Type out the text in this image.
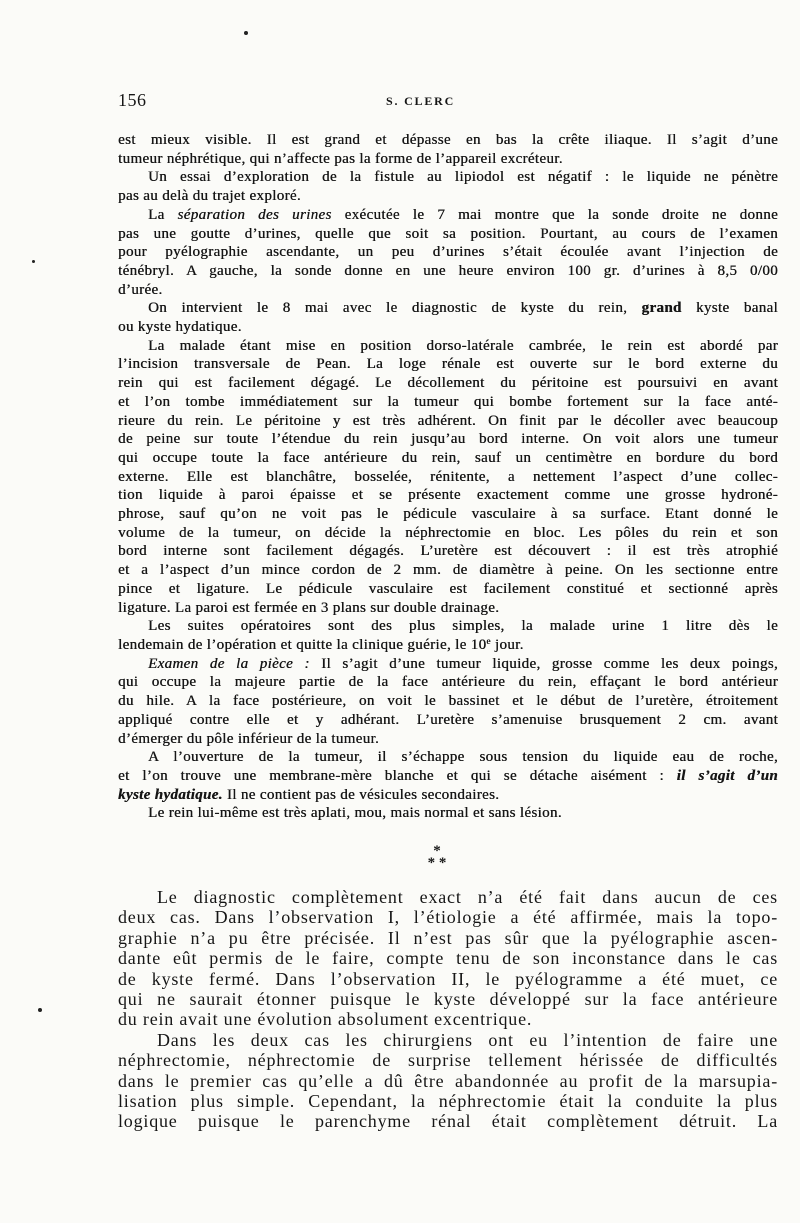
156	S. CLERC
est mieux visible. Il est grand et dépasse en bas la crête iliaque. Il s’agit d’une
tumeur néphrétique, qui n’affecte pas la forme de l’appareil excréteur.
Un essai d’exploration de la fistule au lipiodol est négatif : le liquide ne pénètre
pas au delà du trajet exploré.
La séparation des urines exécutée le 7 mai montre que la sonde droite ne donne
pas une goutte d’urines, quelle que soit sa position. Pourtant, au cours de l’examen
pour pyélographie ascendante, un peu d’urines s’était écoulée avant l’injection de
ténébryl. A gauche, la sonde donne en une heure environ 100 gr. d’urines à 8,5 0/00
d’urée.
On intervient le 8 mai avec le diagnostic de kyste du rein, grand kyste banal
ou kyste hydatique.
La malade étant mise en position dorso-latérale cambrée, le rein est abordé par
l’incision transversale de Pean. La loge rénale est ouverte sur le bord externe du
rein qui est facilement dégagé. Le décollement du péritoine est poursuivi en avant
et l’on tombe immédiatement sur la tumeur qui bombe fortement sur la face anté-
rieure du rein. Le péritoine y est très adhérent. On finit par le décoller avec beaucoup
de peine sur toute l’étendue du rein jusqu’au bord interne. On voit alors une tumeur
qui occupe toute la face antérieure du rein, sauf un centimètre en bordure du bord
externe. Elle est blanchâtre, bosselée, rénitente, a nettement l’aspect d’une collec-
tion liquide à paroi épaisse et se présente exactement comme une grosse hydroné-
phrose, sauf qu’on ne voit pas le pédicule vasculaire à sa surface. Etant donné le
volume de la tumeur, on décide la néphrectomie en bloc. Les pôles du rein et son
bord interne sont facilement dégagés. L’uretère est découvert : il est très atrophié
et a l’aspect d’un mince cordon de 2 mm. de diamètre à peine. On les sectionne entre
pince et ligature. Le pédicule vasculaire est facilement constitué et sectionné après
ligature. La paroi est fermée en 3 plans sur double drainage.
Les suites opératoires sont des plus simples, la malade urine 1 litre dès le
lendemain de l’opération et quitte la clinique guérie, le 10e jour.
Examen de la pièce : Il s’agit d’une tumeur liquide, grosse comme les deux poings,
qui occupe la majeure partie de la face antérieure du rein, effaçant le bord antérieur
du hile. A la face postérieure, on voit le bassinet et le début de l’uretère, étroitement
appliqué contre elle et y adhérant. L’uretère s’amenuise brusquement 2 cm. avant
d’émerger du pôle inférieur de la tumeur.
A l’ouverture de la tumeur, il s’échappe sous tension du liquide eau de roche,
et l’on trouve une membrane-mère blanche et qui se détache aisément : il s’agit d’un
kyste hydatique. Il ne contient pas de vésicules secondaires.
Le rein lui-même est très aplati, mou, mais normal et sans lésion.
*
* *
Le diagnostic complètement exact n’a été fait dans aucun de ces
deux cas. Dans l’observation I, l’étiologie a été affirmée, mais la topo-
graphie n’a pu être précisée. Il n’est pas sûr que la pyélographie ascen-
dante eût permis de le faire, compte tenu de son inconstance dans le cas
de kyste fermé. Dans l’observation II, le pyélogramme a été muet, ce
qui ne saurait étonner puisque le kyste développé sur la face antérieure
du rein avait une évolution absolument excentrique.
Dans les deux cas les chirurgiens ont eu l’intention de faire une
néphrectomie, néphrectomie de surprise tellement hérissée de difficultés
dans le premier cas qu’elle a dû être abandonnée au profit de la marsupia-
lisation plus simple. Cependant, la néphrectomie était la conduite la plus
logique puisque le parenchyme rénal était complètement détruit. La
